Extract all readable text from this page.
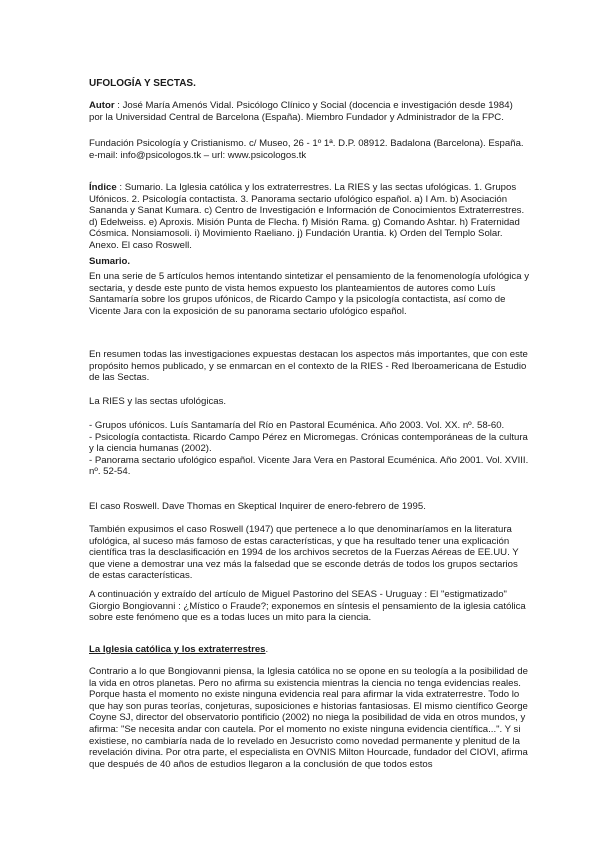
UFOLOGÍA Y SECTAS.

Autor : José María Amenós Vidal. Psicólogo Clínico y Social (docencia e investigación desde 1984) por la Universidad Central de Barcelona (España). Miembro Fundador y Administrador de la FPC.

Fundación Psicología y Cristianismo. c/ Museo, 26 - 1º 1ª. D.P. 08912. Badalona (Barcelona). España. e-mail: info@psicologos.tk – url: www.psicologos.tk

Índice : Sumario. La Iglesia católica y los extraterrestres. La RIES y las sectas ufológicas. 1. Grupos Ufónicos. 2. Psicología contactista. 3. Panorama sectario ufológico español. a) I Am. b) Asociación Sananda y Sanat Kumara. c) Centro de Investigación e Información de Conocimientos Extraterrestres. d) Edelweiss. e) Aproxis. Misión Punta de Flecha. f) Misión Rama. g) Comando Ashtar. h) Fraternidad Cósmica. Nonsiamosoli. i) Movimiento Raeliano. j) Fundación Urantia. k) Orden del Templo Solar. Anexo. El caso Roswell.

Sumario.

En una serie de 5 artículos hemos intentando sintetizar el pensamiento de la fenomenología ufológica y sectaria, y desde este punto de vista hemos expuesto los planteamientos de autores como Luís Santamaría sobre los grupos ufónicos, de Ricardo Campo y la psicología contactista, así como de Vicente Jara con la exposición de su panorama sectario ufológico español.

En resumen todas las investigaciones expuestas destacan los aspectos más importantes, que con este propósito hemos publicado, y se enmarcan en el contexto de la RIES - Red Iberoamericana de Estudio de las Sectas.

La RIES y las sectas ufológicas.

- Grupos ufónicos. Luís Santamaría del Río en Pastoral Ecuménica. Año 2003. Vol. XX. nº. 58-60.

- Psicología contactista. Ricardo Campo Pérez en Micromegas. Crónicas contemporáneas de la cultura y la ciencia humanas (2002).

- Panorama sectario ufológico español. Vicente Jara Vera en Pastoral Ecuménica. Año 2001. Vol. XVIII. nº. 52-54.

El caso Roswell. Dave Thomas en Skeptical Inquirer de enero-febrero de 1995.

También expusimos el caso Roswell (1947) que pertenece a lo que denominaríamos en la literatura ufológica, al suceso más famoso de estas características, y que ha resultado tener una explicación científica tras la desclasificación en 1994 de los archivos secretos de la Fuerzas Aéreas de EE.UU. Y que viene a demostrar una vez más la falsedad que se esconde detrás de todos los grupos sectarios de estas características.

A continuación y extraído del artículo de Miguel Pastorino del SEAS - Uruguay : El "estigmatizado" Giorgio Bongiovanni : ¿Místico o Fraude?; exponemos en síntesis el pensamiento de la iglesia católica sobre este fenómeno que es a todas luces un mito para la ciencia.

La Iglesia católica y los extraterrestres.

Contrario a lo que Bongiovanni piensa, la Iglesia católica no se opone en su teología a la posibilidad de la vida en otros planetas. Pero no afirma su existencia mientras la ciencia no tenga evidencias reales. Porque hasta el momento no existe ninguna evidencia real para afirmar la vida extraterrestre. Todo lo que hay son puras teorías, conjeturas, suposiciones e historias fantasiosas. El mismo científico George Coyne SJ, director del observatorio pontificio (2002) no niega la posibilidad de vida en otros mundos, y afirma: "Se necesita andar con cautela. Por el momento no existe ninguna evidencia científica...". Y si existiese, no cambiaría nada de lo revelado en Jesucristo como novedad permanente y plenitud de la revelación divina. Por otra parte, el especialista en OVNIS Milton Hourcade, fundador del CIOVI, afirma que después de 40 años de estudios llegaron a la conclusión de que todos estos
